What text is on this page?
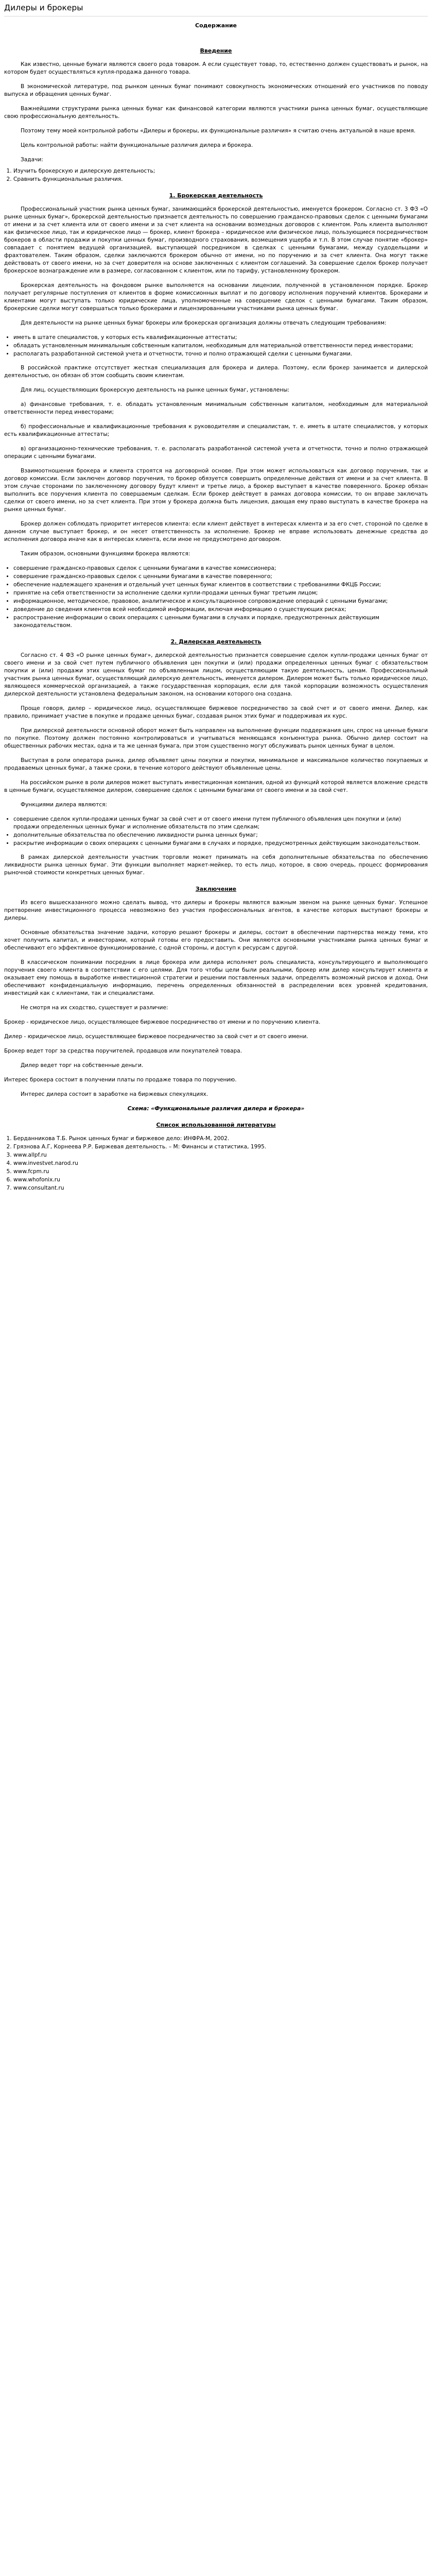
Дилеры и брокеры
Содержание
Введение

Как известно, ценные бумаги являются своего рода товаром. А если существует товар, то, естественно должен существовать и рынок, на котором будет осуществляться купля-продажа данного товара.

В экономической литературе, под рынком ценных бумаг понимают совокупность экономических отношений его участников по поводу выпуска и обращения ценных бумаг.

Важнейшими структурами рынка ценных бумаг как финансовой категории являются участники рынка ценных бумаг, осуществляющие свою профессиональную деятельность.

Поэтому тему моей контрольной работы «Дилеры и брокеры, их функциональные различия» я считаю очень актуальной в наше время.

Цель контрольной работы: найти функциональные различия дилера и брокера.

Задачи:

1. Изучить брокерскую и дилерскую деятельность;
2. Сравнить функциональные различия.
1. Брокерская деятельность

Профессиональный участник рынка ценных бумаг, занимающийся брокерской деятельностью, именуется брокером. Согласно ст. 3 ФЗ «О рынке ценных бумаг», брокерской деятельностью признается деятельность по совершению гражданско-правовых сделок с ценными бумагами от имени и за счет клиента или от своего имени и за счет клиента на основании возмездных договоров с клиентом. Роль клиента выполняют как физическое лицо, так и юридическое лицо — брокер, клиент брокера – юридическое или физическое лицо, пользующиеся посредничеством брокеров в области продажи и покупки ценных бумаг, производного страхования, возмещения ущерба и т.п. В этом случае понятие «брокер» совпадает с понятием ведущей организацией, выступающей посредником в сделках с ценными бумагами, между судодельцами и фрахтователем. Таким образом, сделки заключаются брокером обычно от имени, но по поручению и за счет клиента. Она могут также действовать от своего имени, но за счет доверителя на основе заключенных с клиентом соглашений. За совершение сделок брокер получает брокерское вознаграждение или в размере, согласованном с клиентом, или по тарифу, установленному брокером.

Брокерская деятельность на фондовом рынке выполняется на основании лицензии, полученной в установленном порядке. Брокер получает регулярные поступления от клиентов в форме комиссионных выплат и по договору исполнения поручений клиентов. Брокерами и клиентами могут выступать только юридические лица, уполномоченные на совершение сделок с ценными бумагами. Таким образом, брокерские сделки могут совершаться только брокерами и лицензированными участниками рынка ценных бумаг.

Для деятельности на рынке ценных бумаг брокеры или брокерская организация должны отвечать следующим требованиям:

• иметь в штате специалистов, у которых есть квалификационные аттестаты;
• обладать установленным минимальным собственным капиталом, необходимым для материальной ответственности перед инвесторами;
• располагать разработанной системой учета и отчетности, точно и полно отражающей сделки с ценными бумагами.

В российской практике отсутствует жесткая специализация для брокера и дилера. Поэтому, если брокер занимается и дилерской деятельностью, он обязан об этом сообщить своим клиентам.

Для лиц, осуществляющих брокерскую деятельность на рынке ценных бумаг, установлены:

а) финансовые требования, т. е. обладать установленным минимальным собственным капиталом, необходимым для материальной ответственности перед инвесторами;

б) профессиональные и квалификационные требования к руководителям и специалистам, т. е. иметь в штате специалистов, у которых есть квалификационные аттестаты;

в) организационно-технические требования, т. е. располагать разработанной системой учета и отчетности, точно и полно отражающей операции с ценными бумагами.

Взаимоотношения брокера и клиента строятся на договорной основе. При этом может использоваться как договор поручения, так и договор комиссии. Если заключен договор поручения, то брокер обязуется совершить определенные действия от имени и за счет клиента. В этом случае сторонами по заключенному договору будут клиент и третье лицо, а брокер выступает в качестве поверенного. Брокер обязан выполнить все поручения клиента по совершаемым сделкам. Если брокер действует в рамках договора комиссии, то он вправе заключать сделки от своего имени, но за счет клиента. При этом у брокера должна быть лицензия, дающая ему право выступать в качестве брокера на рынке ценных бумаг.

Брокер должен соблюдать приоритет интересов клиента: если клиент действует в интересах клиента и за его счет, стороной по сделке в данном случае выступает брокер, и он несет ответственность за исполнение. Брокер не вправе использовать денежные средства до исполнения договора иначе как в интересах клиента, если иное не предусмотрено договором.

Таким образом, основными функциями брокера являются:

• совершение гражданско-правовых сделок с ценными бумагами в качестве комиссионера;
• совершение гражданско-правовых сделок с ценными бумагами в качестве поверенного;
• обеспечение надлежащего хранения и отдельный учет ценных бумаг клиентов в соответствии с требованиями ФКЦБ России;
• принятие на себя ответственности за исполнение сделки купли-продажи ценных бумаг третьим лицом;
• информационное, методическое, правовое, аналитическое и консультационное сопровождение операций с ценными бумагами;
• доведение до сведения клиентов всей необходимой информации, включая информацию о существующих рисках;
• распространение информации о своих операциях с ценными бумагами в случаях и порядке, предусмотренных действующим законодательством.
2. Дилерская деятельность

Согласно ст. 4 ФЗ «О рынке ценных бумаг», дилерской деятельностью признается совершение сделок купли-продажи ценных бумаг от своего имени и за свой счет путем публичного объявления цен покупки и (или) продажи определенных ценных бумаг с обязательством покупки и (или) продажи этих ценных бумаг по объявленным лицом, осуществляющим такую деятельность, ценам. Профессиональный участник рынка ценных бумаг, осуществляющий дилерскую деятельность, именуется дилером. Дилером может быть только юридическое лицо, являющееся коммерческой организацией, а также государственная корпорация, если для такой корпорации возможность осуществления дилерской деятельности установлена федеральным законом, на основании которого она создана.

Проще говоря, дилер – юридическое лицо, осуществляющее биржевое посредничество за свой счет и от своего имени. Дилер, как правило, принимает участие в покупке и продаже ценных бумаг, создавая рынок этих бумаг и поддерживая их курс.

При дилерской деятельности основной оборот может быть направлен на выполнение функции поддержания цен, спрос на ценные бумаги по покупке. Поэтому должен постоянно контролироваться и учитываться меняющаяся конъюнктура рынка. Обычно дилер состоит на общественных рабочих местах, одна и та же ценная бумага, при этом существенно могут обслуживать рынок ценных бумаг в целом.

Выступая в роли оператора рынка, дилер объявляет цены покупки и покупки, минимальное и максимальное количество покупаемых и продаваемых ценных бумаг, а также сроки, в течение которого действуют объявленные цены.

На российском рынке в роли дилеров может выступать инвестиционная компания, одной из функций которой является вложение средств в ценные бумаги, осуществляемое дилером, совершение сделок с ценными бумагами от своего имени и за свой счет.

Функциями дилера являются:

• совершение сделок купли-продажи ценных бумаг за свой счет и от своего имени путем публичного объявления цен покупки и (или) продажи определенных ценных бумаг и исполнение обязательств по этим сделкам;
• дополнительные обязательства по обеспечению ликвидности рынка ценных бумаг;
• раскрытие информации о своих операциях с ценными бумагами в случаях и порядке, предусмотренных действующим законодательством.

В рамках дилерской деятельности участник торговли может принимать на себя дополнительные обязательства по обеспечению ликвидности рынка ценных бумаг. Эти функции выполняет маркет-мейкер, то есть лицо, которое, в свою очередь, процесс формирования рыночной стоимости конкретных ценных бумаг.

Заключение

Из всего вышесказанного можно сделать вывод, что дилеры и брокеры являются важным звеном на рынке ценных бумаг. Успешное претворение инвестиционного процесса невозможно без участия профессиональных агентов, в качестве которых выступают брокеры и дилеры.

Основные обязательства значение задачи, которую решают брокеры и дилеры, состоит в обеспечении партнерства между теми, кто хочет получить капитал, и инвесторами, который готовы его предоставить. Они являются основными участниками рынка ценных бумаг и обеспечивают его эффективное функционирование, с одной стороны, и доступ к ресурсам с другой.

В классическом понимании посредник в лице брокера или дилера исполняет роль специалиста, консультирующего и выполняющего поручения своего клиента в соответствии с его целями. Для того чтобы цели были реальными, брокер или дилер консультирует клиента и оказывает ему помощь в выработке инвестиционной стратегии и решении поставленных задачи, определять возможный рисков и доход. Они обеспечивают конфиденциальную информацию, перечень определенных обязанностей в распределении всех уровней кредитования, инвестиций как с клиентами, так и специалистами.

Не смотря на их сходство, существует и различие:

Брокер - юридическое лицо, осуществляющее биржевое посредничество от имени и по поручению клиента.

Дилер - юридическое лицо, осуществляющее биржевое посредничество за свой счет и от своего имени.

Брокер ведет торг за средства поручителей, продавцов или покупателей товара.

Дилер ведет торг на собственные деньги.

Интерес брокера состоит в получении платы по продаже товара по поручению.

Интерес дилера состоит в заработке на биржевых спекуляциях.

Схема: «Функциональные различия дилера и брокера»

Список использованной литературы
1. Берданникова Т.Б. Рынок ценных бумаг и биржевое дело: ИНФРА-М, 2002.
2. Грязнова А.Г, Корнеева Р.Р. Биржевая деятельность. – М: Финансы и статистика, 1995.
3. www.allpf.ru
4. www.investvet.narod.ru
5. www.fcpm.ru
6. www.whofonix.ru
7. www.consultant.ru
